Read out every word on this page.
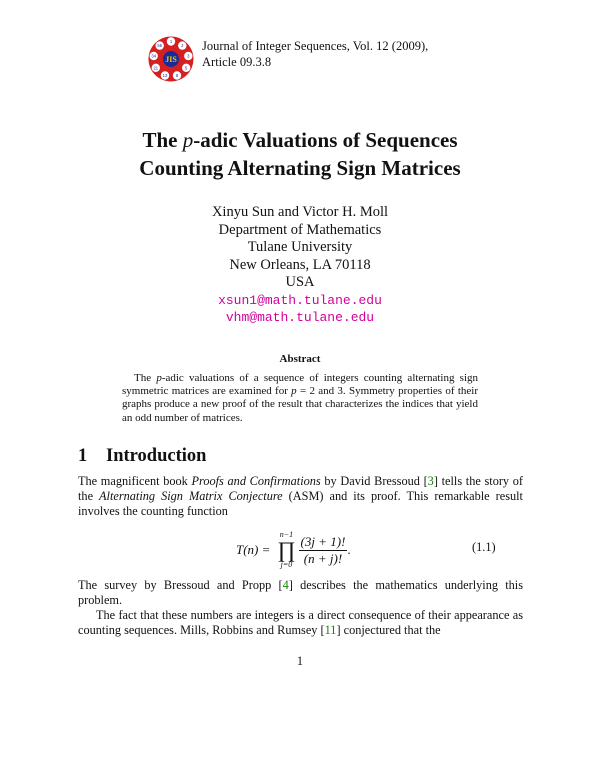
1
2
3
5
8
13
21
34
55
JIS
Journal of Integer Sequences, Vol. 12 (2009),
Article 09.3.8
The p-adic Valuations of Sequences
Counting Alternating Sign Matrices
Xinyu Sun and Victor H. Moll
Department of Mathematics
Tulane University
New Orleans, LA 70118
USA
xsun1@math.tulane.edu
vhm@math.tulane.edu
Abstract
The p-adic valuations of a sequence of integers counting alternating sign symmetric matrices are examined for p = 2 and 3. Symmetry properties of their graphs produce a new proof of the result that characterizes the indices that yield an odd number of matrices.
1 Introduction
The magnificent book Proofs and Confirmations by David Bressoud [3] tells the story of the Alternating Sign Matrix Conjecture (ASM) and its proof. This remarkable result involves the counting function
T(n) =
n−1
∏
j=0
(3j + 1)!
(n + j)!
.	(1.1)
The survey by Bressoud and Propp [4] describes the mathematics underlying this problem.
The fact that these numbers are integers is a direct consequence of their appearance as counting sequences. Mills, Robbins and Rumsey [11] conjectured that the
1
